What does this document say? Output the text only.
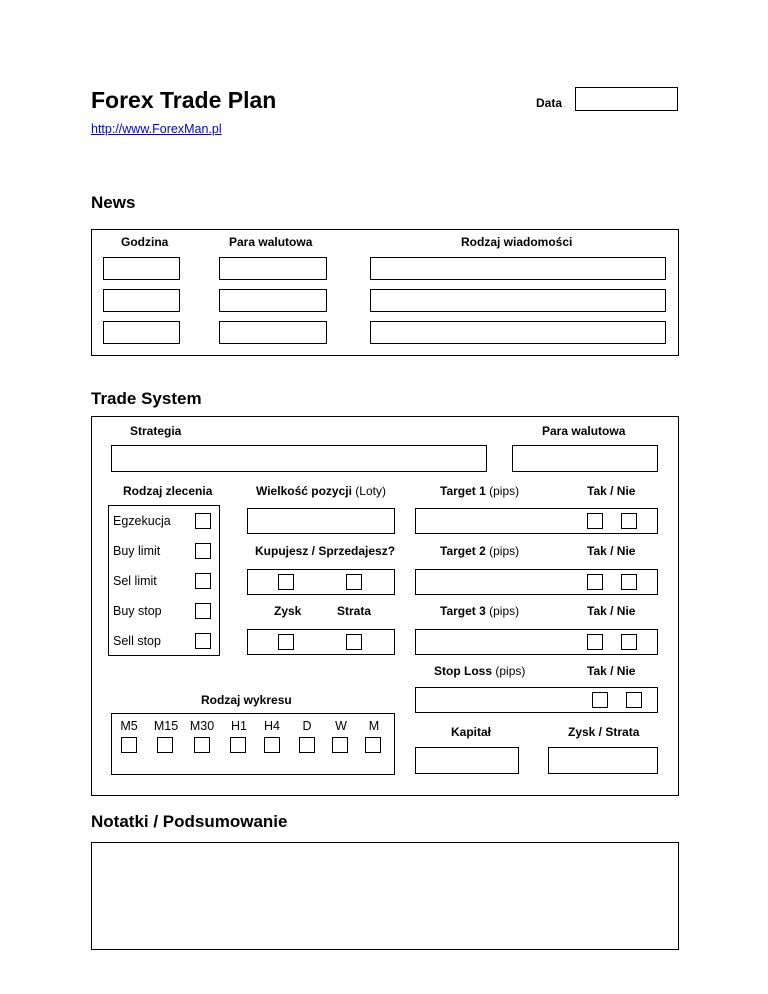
Forex Trade Plan	Data
http://www.ForexMan.pl
News
Godzina	Para walutowa	Rodzaj wiadomości
Trade System
Strategia	Para walutowa
Rodzaj zlecenia	Wielkość pozycji (Loty)	Target 1 (pips)	Tak / Nie
Egzekucja
Buy limit
Sel limit
Buy stop
Sell stop
Kupujesz / Sprzedajesz?
Zysk	Strata
Target 2 (pips)	Tak / Nie
Target 3 (pips)	Tak / Nie
Stop Loss (pips)	Tak / Nie
Rodzaj wykresu
M5	M15 M30	H1	H4	D	W	M	Kapitał	Zysk / Strata
Notatki / Podsumowanie
